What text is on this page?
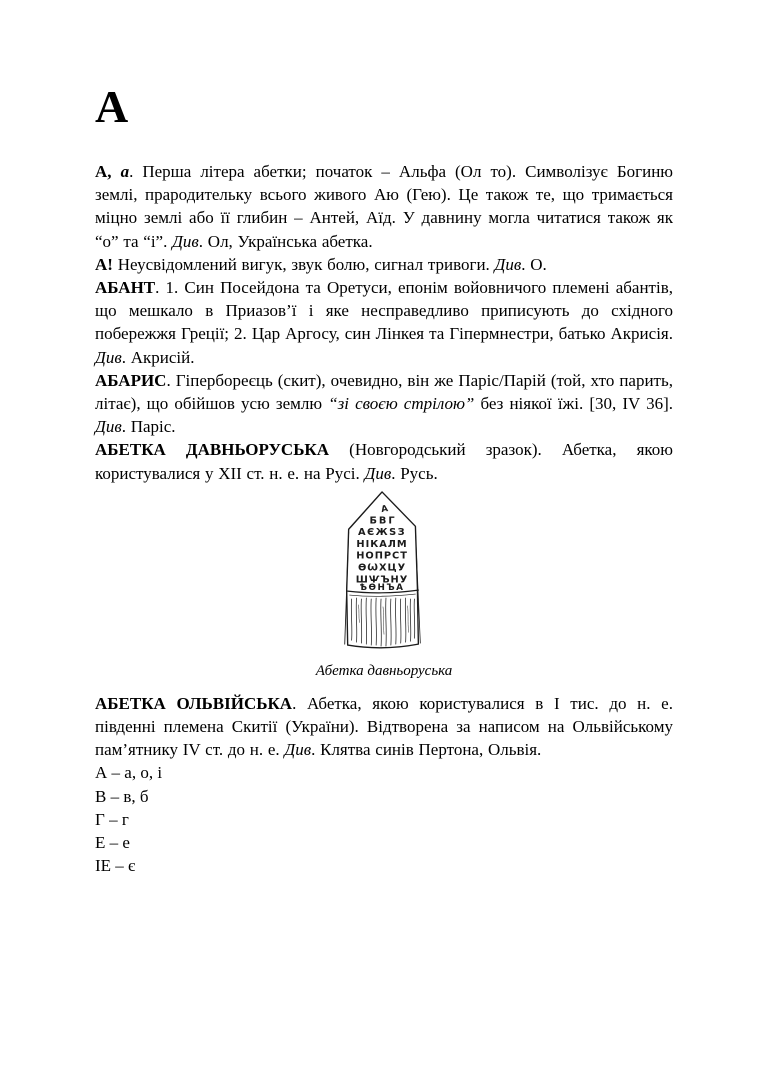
А

А, а. Перша літера абетки; початок – Альфа (Ол то). Символізує Богиню землі, прародительку всього живого Аю (Гею). Це також те, що тримається міцно землі або її глибин – Антей, Аїд. У давнину могла читатися також як “о” та “і”. Див. Ол, Українська абетка.

А! Неусвідомлений вигук, звук болю, сигнал тривоги. Див. О.

АБАНТ. 1. Син Посейдона та Оретуси, епонім войовничого племені абантів, що мешкало в Приазов’ї і яке несправедливо приписують до східного побережжя Греції; 2. Цар Аргосу, син Лінкея та Гіпермнестри, батько Акрисія. Див. Акрисій.

АБАРИС. Гіпербореєць (скит), очевидно, він же Паріс/Парій (той, хто парить, літає), що обійшов усю землю “зі своєю стрілою” без ніякої їжі. [30, IV 36]. Див. Паріс.

АБЕТКА ДАВНЬОРУСЬКА (Новгородський зразок). Абетка, якою користувалися у XII ст. н. е. на Русі. Див. Русь.

А
БВГ
АЄЖЅЗ
НІКАЛМ
НОПРСТ
ѲѠХЦУ
ШѰЪНУ
ѢѲНЪА
Абетка давньоруська

АБЕТКА ОЛЬВІЙСЬКА. Абетка, якою користувалися в І тис. до н. е. південні племена Скитії (України). Відтворена за написом на Ольвійському пам’ятнику IV ст. до н. е. Див. Клятва синів Пертона, Ольвія.

А – а, о, і

В – в, б

Г – г

Е – е

ІЕ – є
